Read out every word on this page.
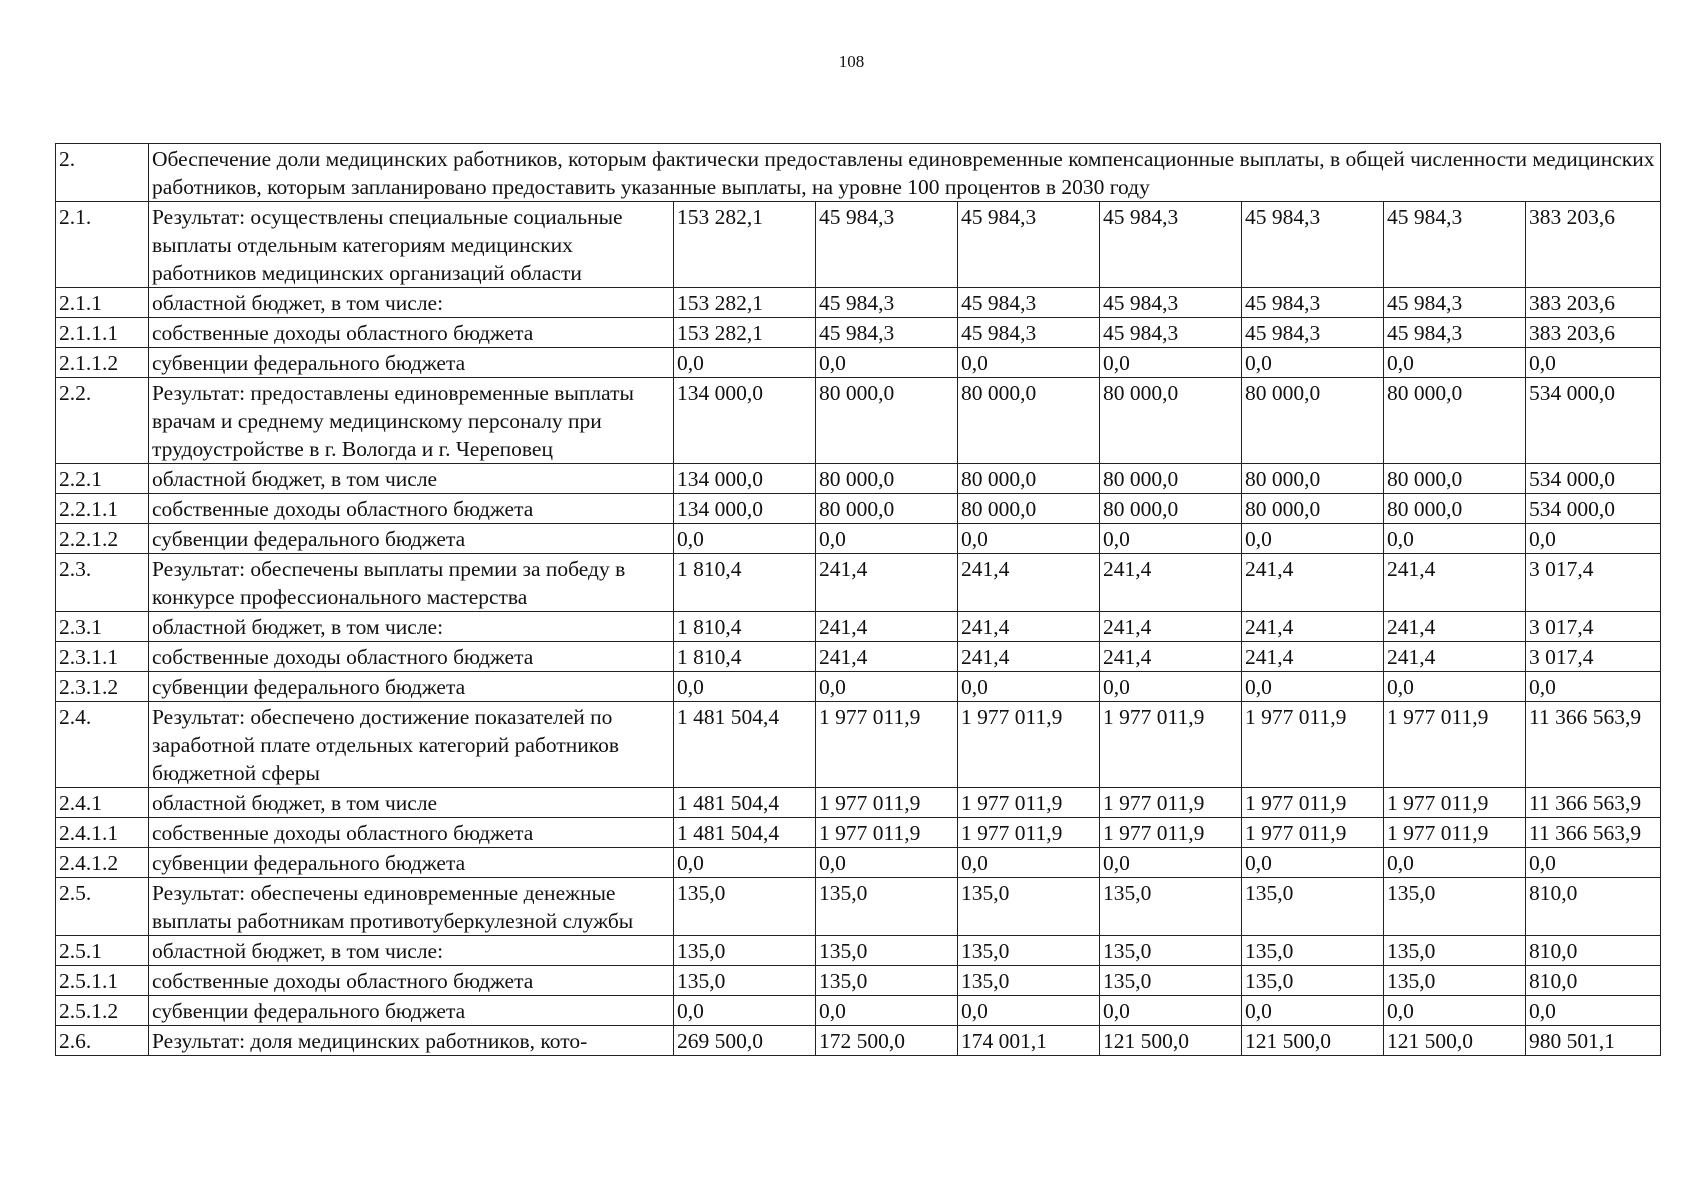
108
2.	Обеспечение доли медицинских работников, которым фактически предоставлены единовременные компенсационные выплаты, в общей численности медицинских работников, которым запланировано предоставить указанные выплаты, на уровне 100 процентов в 2030 году							
2.1.	Результат: осуществлены специальные социальные выплаты отдельным категориям медицинских работников медицинских организаций области	153 282,1	45 984,3	45 984,3	45 984,3	45 984,3	45 984,3	383 203,6
2.1.1	областной бюджет, в том числе:	153 282,1	45 984,3	45 984,3	45 984,3	45 984,3	45 984,3	383 203,6
2.1.1.1	собственные доходы областного бюджета	153 282,1	45 984,3	45 984,3	45 984,3	45 984,3	45 984,3	383 203,6
2.1.1.2	субвенции федерального бюджета	0,0	0,0	0,0	0,0	0,0	0,0	0,0
2.2.	Результат: предоставлены единовременные выплаты врачам и среднему медицинскому персоналу при трудоустройстве в г. Вологда и г. Череповец	134 000,0	80 000,0	80 000,0	80 000,0	80 000,0	80 000,0	534 000,0
2.2.1	областной бюджет, в том числе	134 000,0	80 000,0	80 000,0	80 000,0	80 000,0	80 000,0	534 000,0
2.2.1.1	собственные доходы областного бюджета	134 000,0	80 000,0	80 000,0	80 000,0	80 000,0	80 000,0	534 000,0
2.2.1.2	субвенции федерального бюджета	0,0	0,0	0,0	0,0	0,0	0,0	0,0
2.3.	Результат: обеспечены выплаты премии за победу в конкурсе профессионального мастерства	1 810,4	241,4	241,4	241,4	241,4	241,4	3 017,4
2.3.1	областной бюджет, в том числе:	1 810,4	241,4	241,4	241,4	241,4	241,4	3 017,4
2.3.1.1	собственные доходы областного бюджета	1 810,4	241,4	241,4	241,4	241,4	241,4	3 017,4
2.3.1.2	субвенции федерального бюджета	0,0	0,0	0,0	0,0	0,0	0,0	0,0
2.4.	Результат: обеспечено достижение показателей по заработной плате отдельных категорий работников бюджетной сферы	1 481 504,4	1 977 011,9	1 977 011,9	1 977 011,9	1 977 011,9	1 977 011,9	11 366 563,9
2.4.1	областной бюджет, в том числе	1 481 504,4	1 977 011,9	1 977 011,9	1 977 011,9	1 977 011,9	1 977 011,9	11 366 563,9
2.4.1.1	собственные доходы областного бюджета	1 481 504,4	1 977 011,9	1 977 011,9	1 977 011,9	1 977 011,9	1 977 011,9	11 366 563,9
2.4.1.2	субвенции федерального бюджета	0,0	0,0	0,0	0,0	0,0	0,0	0,0
2.5.	Результат: обеспечены единовременные денежные выплаты работникам противотуберкулезной службы	135,0	135,0	135,0	135,0	135,0	135,0	810,0
2.5.1	областной бюджет, в том числе:	135,0	135,0	135,0	135,0	135,0	135,0	810,0
2.5.1.1	собственные доходы областного бюджета	135,0	135,0	135,0	135,0	135,0	135,0	810,0
2.5.1.2	субвенции федерального бюджета	0,0	0,0	0,0	0,0	0,0	0,0	0,0
2.6.	Результат: доля медицинских работников, кото-	269 500,0	172 500,0	174 001,1	121 500,0	121 500,0	121 500,0	980 501,1
